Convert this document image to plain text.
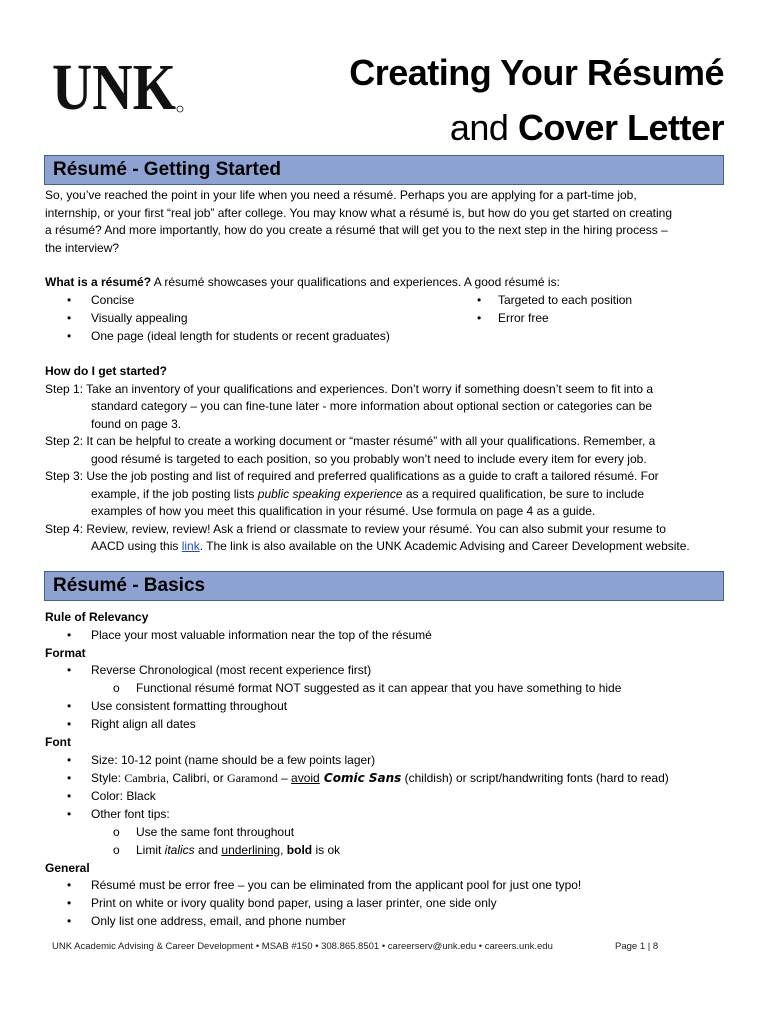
UNK	Creating Your Résumé
and Cover Letter
Résumé - Getting Started
So, you’ve reached the point in your life when you need a résumé. Perhaps you are applying for a part-time job,
internship, or your first “real job” after college. You may know what a résumé is, but how do you get started on creating
a résumé? And more importantly, how do you create a résumé that will get you to the next step in the hiring process –
the interview?
What is a résumé? A résumé showcases your qualifications and experiences. A good résumé is:
• Concise	• Targeted to each position
• Visually appealing	• Error free
• One page (ideal length for students or recent graduates)
How do I get started?
Step 1: Take an inventory of your qualifications and experiences. Don’t worry if something doesn’t seem to fit into a
standard category – you can fine-tune later - more information about optional section or categories can be
found on page 3.
Step 2: It can be helpful to create a working document or “master résumé” with all your qualifications. Remember, a
good résumé is targeted to each position, so you probably won’t need to include every item for every job.
Step 3: Use the job posting and list of required and preferred qualifications as a guide to craft a tailored résumé. For
example, if the job posting lists public speaking experience as a required qualification, be sure to include
examples of how you meet this qualification in your résumé. Use formula on page 4 as a guide.
Step 4: Review, review, review! Ask a friend or classmate to review your résumé. You can also submit your resume to
AACD using this link. The link is also available on the UNK Academic Advising and Career Development website.
Résumé - Basics
Rule of Relevancy
• Place your most valuable information near the top of the résumé
Format
• Reverse Chronological (most recent experience first)
o Functional résumé format NOT suggested as it can appear that you have something to hide
• Use consistent formatting throughout
• Right align all dates
Font
• Size: 10-12 point (name should be a few points lager)
• Style: Cambria, Calibri, or Garamond – avoid Comic Sans (childish) or script/handwriting fonts (hard to read)
• Color: Black
• Other font tips:
o Use the same font throughout
o Limit italics and underlining, bold is ok
General
• Résumé must be error free – you can be eliminated from the applicant pool for just one typo!
• Print on white or ivory quality bond paper, using a laser printer, one side only
• Only list one address, email, and phone number
UNK Academic Advising & Career Development • MSAB #150 • 308.865.8501 • careerserv@unk.edu • careers.unk.edu	Page 1 | 8
